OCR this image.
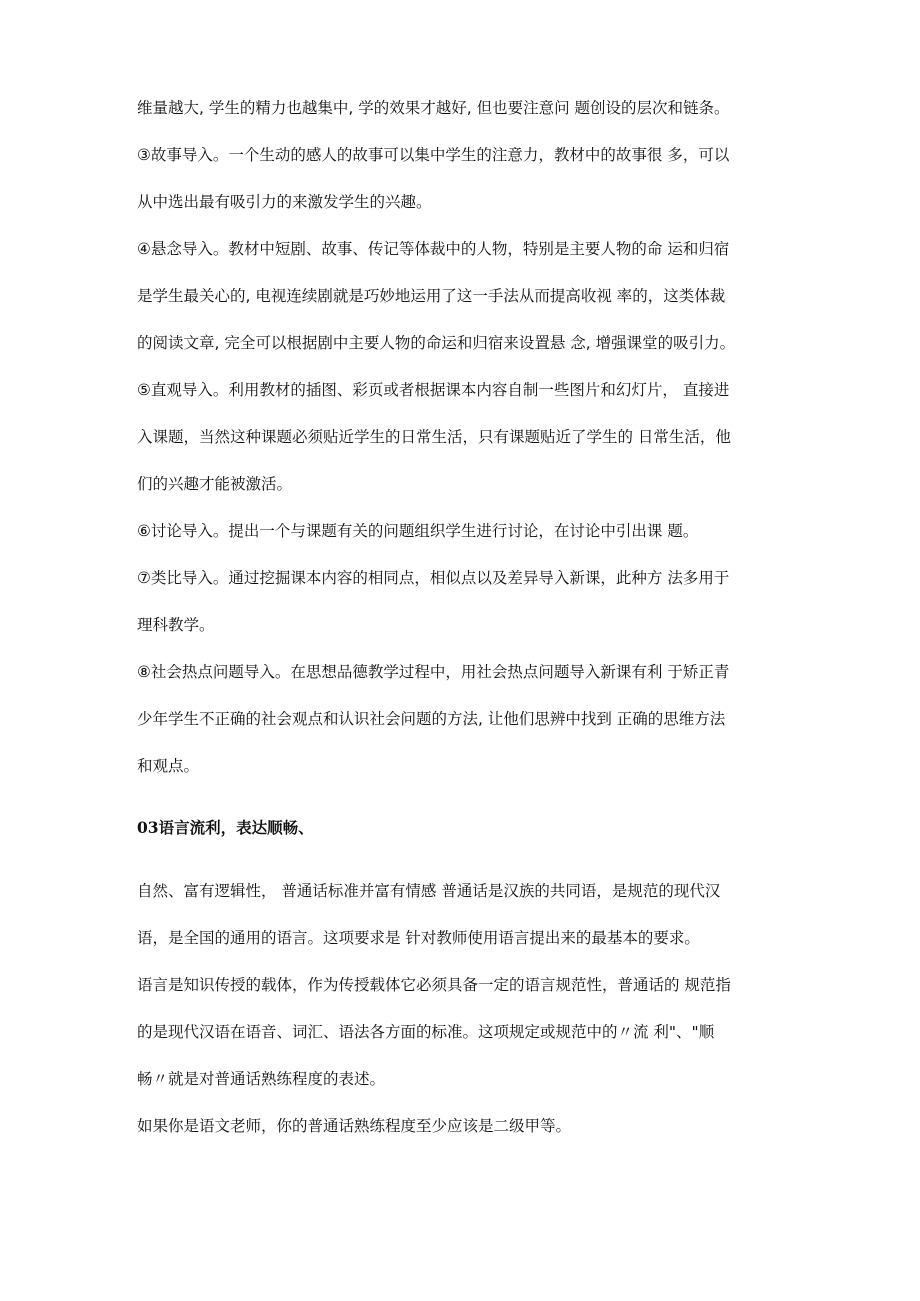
维量越大, 学生的精力也越集中, 学的效果才越好, 但也要注意问 题创设的层次和链条。
③故事导入。一个生动的感人的故事可以集中学生的注意力，教材中的故事很 多，可以
从中选出最有吸引力的来激发学生的兴趣。
④悬念导入。教材中短剧、故事、传记等体裁中的人物，特别是主要人物的命 运和归宿
是学生最关心的, 电视连续剧就是巧妙地运用了这一手法从而提高收视 率的，这类体裁
的阅读文章, 完全可以根据剧中主要人物的命运和归宿来设置悬 念, 增强课堂的吸引力。
⑤直观导入。利用教材的插图、彩页或者根据课本内容自制一些图片和幻灯片， 直接进
入课题，当然这种课题必须贴近学生的日常生活，只有课题贴近了学生的 日常生活，他
们的兴趣才能被激活。
⑥讨论导入。提出一个与课题有关的问题组织学生进行讨论，在讨论中引出课 题。
⑦类比导入。通过挖掘课本内容的相同点，相似点以及差异导入新课，此种方 法多用于
理科教学。
⑧社会热点问题导入。在思想品德教学过程中，用社会热点问题导入新课有利 于矫正青
少年学生不正确的社会观点和认识社会问题的方法, 让他们思辨中找到 正确的思维方法
和观点。
03语言流利，表达顺畅、
自然、富有逻辑性， 普通话标准并富有情感 普通话是汉族的共同语，是规范的现代汉
语，是全国的通用的语言。这项要求是 针对教师使用语言提出来的最基本的要求。
语言是知识传授的载体，作为传授载体它必须具备一定的语言规范性，普通话的 规范指
的是现代汉语在语音、词汇、语法各方面的标准。这项规定或规范中的〃流 利"、"顺
畅〃就是对普通话熟练程度的表述。
如果你是语文老师，你的普通话熟练程度至少应该是二级甲等。
